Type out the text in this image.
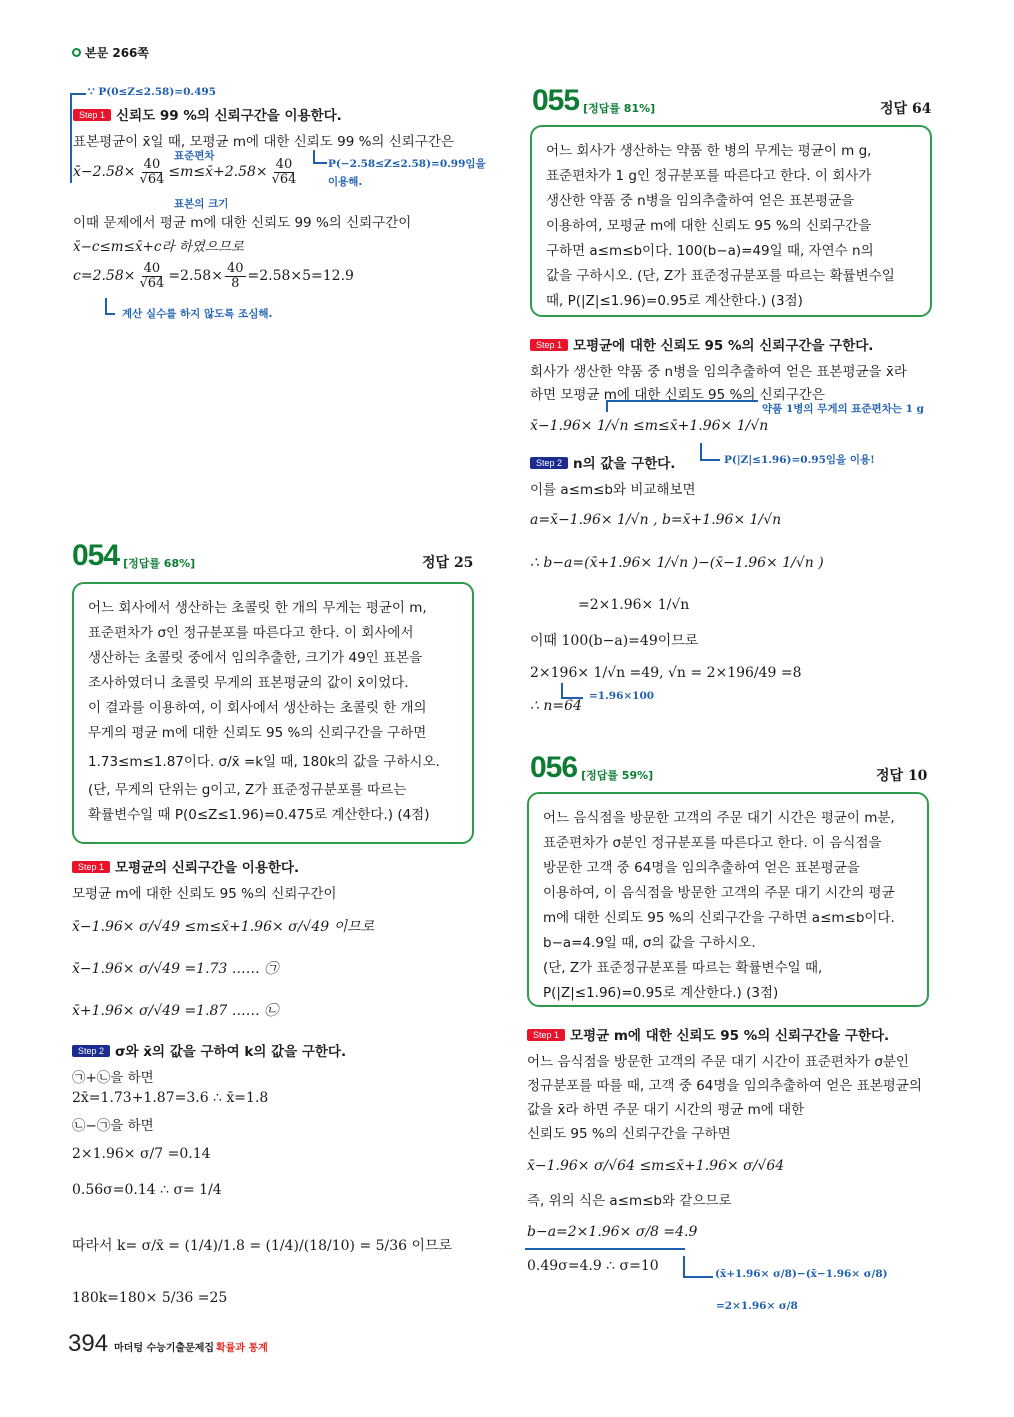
본문 266쪽
∵ P(0≤Z≤2.58)=0.495
Step 1 신뢰도 99 %의 신뢰구간을 이용한다.
표본평균이 x̄일 때, 모평균 m에 대한 신뢰도 99 %의 신뢰구간은
표준편차
P(−2.58≤Z≤2.58)=0.99임을
이용해.
x̄−2.58× $\frac{40}{√64}$ ≤m≤x̄+2.58× $\frac{40}{√64}$
표본의 크기
이때 문제에서 평균 m에 대한 신뢰도 99 %의 신뢰구간이
x̄−c≤m≤x̄+c라 하였으므로
$c=2.58\times \frac{40}{√64} =2.58\times \frac{40}{8} =2.58\times 5=12.9$
계산 실수를 하지 않도록 조심해.
054 [정답률 68%]	정답 25

어느 회사에서 생산하는 초콜릿 한 개의 무게는 평균이 m,

표준편차가 σ인 정규분포를 따른다고 한다. 이 회사에서

생산하는 초콜릿 중에서 임의추출한, 크기가 49인 표본을

조사하였더니 초콜릿 무게의 표본평균의 값이 x̄이었다.

이 결과를 이용하여, 이 회사에서 생산하는 초콜릿 한 개의

무게의 평균 m에 대한 신뢰도 95 %의 신뢰구간을 구하면

1.73≤m≤1.87이다. σ/x̄ =k일 때, 180k의 값을 구하시오.

(단, 무게의 단위는 g이고, Z가 표준정규분포를 따르는

확률변수일 때 P(0≤Z≤1.96)=0.475로 계산한다.) (4점)

Step 1 모평균의 신뢰구간을 이용한다.
모평균 m에 대한 신뢰도 95 %의 신뢰구간이
x̄−1.96× σ/√49 ≤m≤x̄+1.96× σ/√49 이므로
x̄−1.96× σ/√49 =1.73 …… ㉠
x̄+1.96× σ/√49 =1.87 …… ㉡
Step 2 σ와 x̄의 값을 구하여 k의 값을 구한다.
㉠+㉡을 하면
2x̄=1.73+1.87=3.6 ∴ x̄=1.8
㉡−㉠을 하면
2×1.96× σ/7 =0.14
0.56σ=0.14 ∴ σ= 1/4
따라서 k= σ/x̄ = (1/4)/1.8 = (1/4)/(18/10) = 5/36 이므로
180k=180× 5/36 =25
055 [정답률 81%]	정답 64

어느 회사가 생산하는 약품 한 병의 무게는 평균이 m g,

표준편차가 1 g인 정규분포를 따른다고 한다. 이 회사가

생산한 약품 중 n병을 임의추출하여 얻은 표본평균을

이용하여, 모평균 m에 대한 신뢰도 95 %의 신뢰구간을

구하면 a≤m≤b이다. 100(b−a)=49일 때, 자연수 n의

값을 구하시오. (단, Z가 표준정규분포를 따르는 확률변수일

때, P(|Z|≤1.96)=0.95로 계산한다.) (3점)

Step 1 모평균에 대한 신뢰도 95 %의 신뢰구간을 구한다.
회사가 생산한 약품 중 n병을 임의추출하여 얻은 표본평균을 x̄라
하면 모평균 m에 대한 신뢰도 95 %의 신뢰구간은
약품 1병의 무게의 표준편차는 1 g
x̄−1.96× 1/√n ≤m≤x̄+1.96× 1/√n
P(|Z|≤1.96)=0.95임을 이용!
Step 2 n의 값을 구한다.
이를 a≤m≤b와 비교해보면
a=x̄−1.96× 1/√n , b=x̄+1.96× 1/√n
∴ b−a=(x̄+1.96× 1/√n )−(x̄−1.96× 1/√n )
=2×1.96× 1/√n
이때 100(b−a)=49이므로
2×196× 1/√n =49, √n = 2×196/49 =8
=1.96×100
∴ n=64
056 [정답률 59%]	정답 10

어느 음식점을 방문한 고객의 주문 대기 시간은 평균이 m분,

표준편차가 σ분인 정규분포를 따른다고 한다. 이 음식점을

방문한 고객 중 64명을 임의추출하여 얻은 표본평균을

이용하여, 이 음식점을 방문한 고객의 주문 대기 시간의 평균

m에 대한 신뢰도 95 %의 신뢰구간을 구하면 a≤m≤b이다.

b−a=4.9일 때, σ의 값을 구하시오.

(단, Z가 표준정규분포를 따르는 확률변수일 때,

P(|Z|≤1.96)=0.95로 계산한다.) (3점)

Step 1 모평균 m에 대한 신뢰도 95 %의 신뢰구간을 구한다.
어느 음식점을 방문한 고객의 주문 대기 시간이 표준편차가 σ분인
정규분포를 따를 때, 고객 중 64명을 임의추출하여 얻은 표본평균의
값을 x̄라 하면 주문 대기 시간의 평균 m에 대한
신뢰도 95 %의 신뢰구간을 구하면
x̄−1.96× σ/√64 ≤m≤x̄+1.96× σ/√64
즉, 위의 식은 a≤m≤b와 같으므로
b−a=2×1.96× σ/8 =4.9
0.49σ=4.9 ∴ σ=10	(x̄+1.96× σ/8)−(x̄−1.96× σ/8)
=2×1.96× σ/8
394 마더텅 수능기출문제집 확률과 통계
